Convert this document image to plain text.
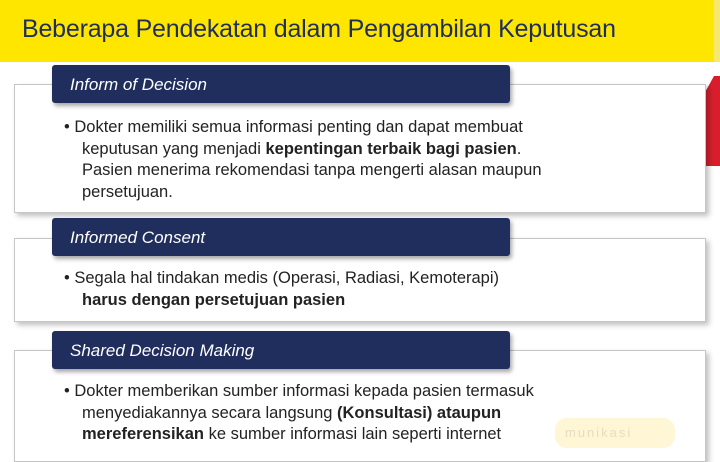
Beberapa Pendekatan dalam Pengambilan Keputusan
Inform of Decision
• Dokter memiliki semua informasi penting dan dapat membuat
keputusan yang menjadi kepentingan terbaik bagi pasien.
Pasien menerima rekomendasi tanpa mengerti alasan maupun
persetujuan.
Informed Consent
• Segala hal tindakan medis (Operasi, Radiasi, Kemoterapi)
harus dengan persetujuan pasien
Shared Decision Making
munikasi
• Dokter memberikan sumber informasi kepada pasien termasuk
menyediakannya secara langsung (Konsultasi) ataupun
mereferensikan ke sumber informasi lain seperti internet
